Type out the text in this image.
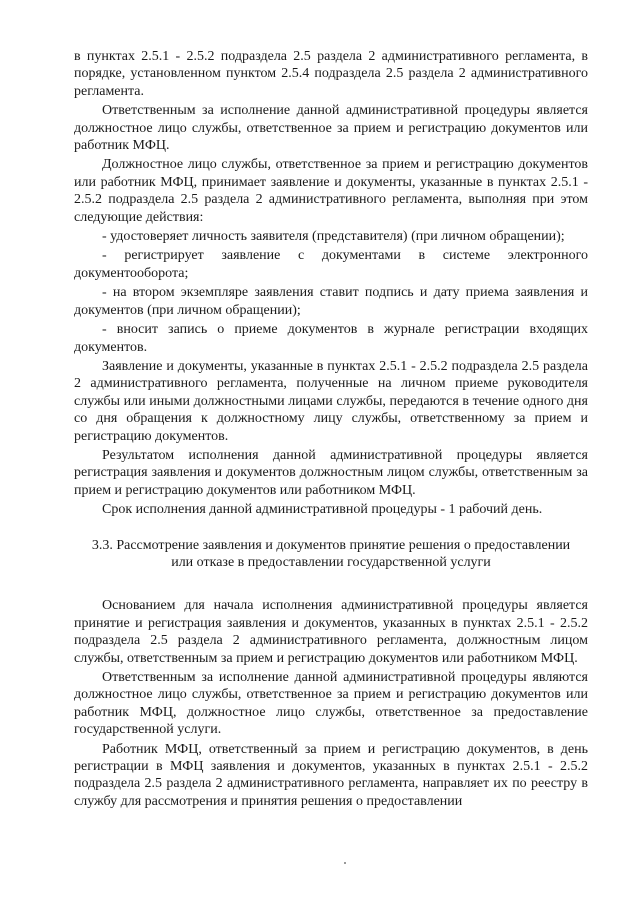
в пунктах 2.5.1 - 2.5.2 подраздела 2.5 раздела 2 административного регламента, в порядке, установленном пунктом 2.5.4 подраздела 2.5 раздела 2 административного регламента.

Ответственным за исполнение данной административной процедуры является должностное лицо службы, ответственное за прием и регистрацию документов или работник МФЦ.

Должностное лицо службы, ответственное за прием и регистрацию документов или работник МФЦ, принимает заявление и документы, указанные в пунктах 2.5.1 - 2.5.2 подраздела 2.5 раздела 2 административного регламента, выполняя при этом следующие действия:

- удостоверяет личность заявителя (представителя) (при личном обращении);

- регистрирует заявление с документами в системе электронного документооборота;

- на втором экземпляре заявления ставит подпись и дату приема заявления и документов (при личном обращении);

- вносит запись о приеме документов в журнале регистрации входящих документов.

Заявление и документы, указанные в пунктах 2.5.1 - 2.5.2 подраздела 2.5 раздела 2 административного регламента, полученные на личном приеме руководителя службы или иными должностными лицами службы, передаются в течение одного дня со дня обращения к должностному лицу службы, ответственному за прием и регистрацию документов.

Результатом исполнения данной административной процедуры является регистрация заявления и документов должностным лицом службы, ответственным за прием и регистрацию документов или работником МФЦ.

Срок исполнения данной административной процедуры - 1 рабочий день.

3.3. Рассмотрение заявления и документов принятие решения о предоставлении
или отказе в предоставлении государственной услуги

Основанием для начала исполнения административной процедуры является принятие и регистрация заявления и документов, указанных в пунктах 2.5.1 - 2.5.2 подраздела 2.5 раздела 2 административного регламента, должностным лицом службы, ответственным за прием и регистрацию документов или работником МФЦ.

Ответственным за исполнение данной административной процедуры являются должностное лицо службы, ответственное за прием и регистрацию документов или работник МФЦ, должностное лицо службы, ответственное за предоставление государственной услуги.

Работник МФЦ, ответственный за прием и регистрацию документов, в день регистрации в МФЦ заявления и документов, указанных в пунктах 2.5.1 - 2.5.2 подраздела 2.5 раздела 2 административного регламента, направляет их по реестру в службу для рассмотрения и принятия решения о предоставлении
